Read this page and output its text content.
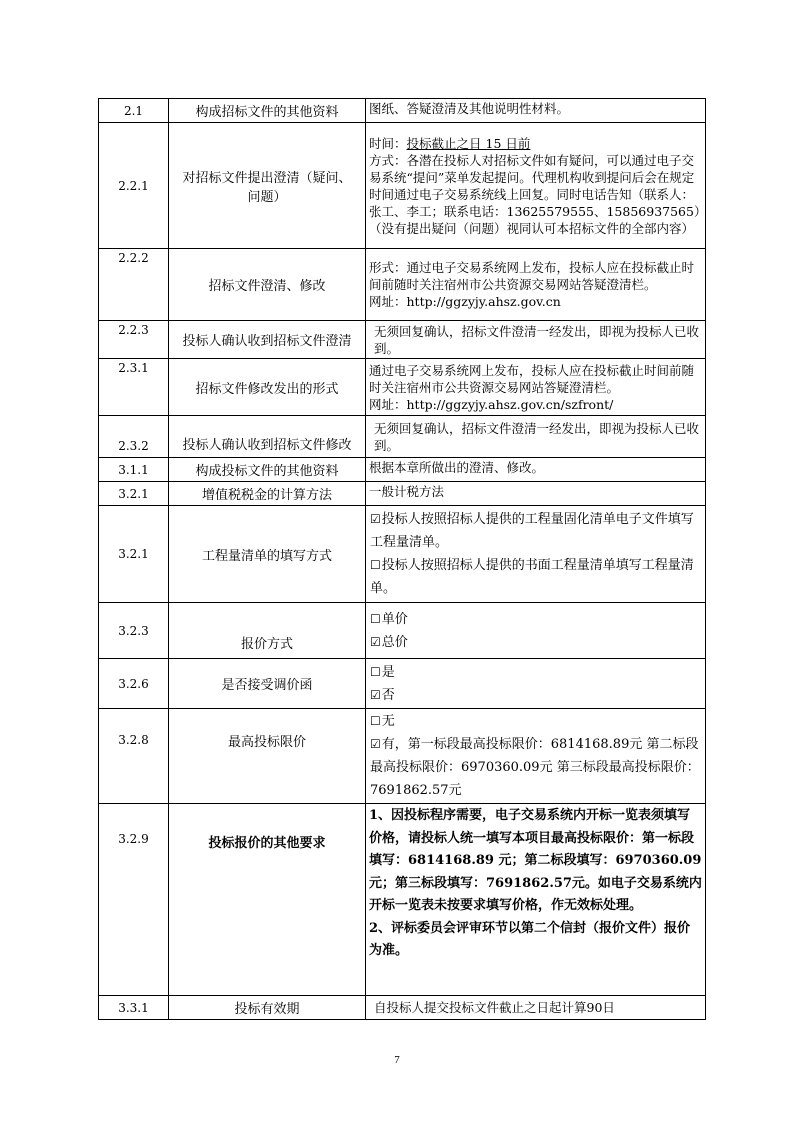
2.1	构成招标文件的其他资料	图纸、答疑澄清及其他说明性材料。

2.2.1	对招标文件提出澄清（疑问、问题）	时间：投标截止之日 15 日前
方式：各潜在投标人对招标文件如有疑问，可以通过电子交易系统“提问”菜单发起提问。代理机构收到提问后会在规定时间通过电子交易系统线上回复。同时电话告知（联系人：张工、李工；联系电话：13625579555、15856937565）（没有提出疑问（问题）视同认可本招标文件的全部内容）

2.2.2	招标文件澄清、修改	形式：通过电子交易系统网上发布，投标人应在投标截止时间前随时关注宿州市公共资源交易网站答疑澄清栏。
网址：http://ggzyjy.ahsz.gov.cn

2.2.3	投标人确认收到招标文件澄清	无须回复确认，招标文件澄清一经发出，即视为投标人已收到。

2.3.1	招标文件修改发出的形式	通过电子交易系统网上发布，投标人应在投标截止时间前随时关注宿州市公共资源交易网站答疑澄清栏。
网址：http://ggzyjy.ahsz.gov.cn/szfront/

2.3.2	投标人确认收到招标文件修改	无须回复确认，招标文件澄清一经发出，即视为投标人已收到。

3.1.1	构成投标文件的其他资料	根据本章所做出的澄清、修改。

3.2.1	增值税税金的计算方法	一般计税方法

3.2.1	工程量清单的填写方式	☑投标人按照招标人提供的工程量固化清单电子文件填写工程量清单。
☐投标人按照招标人提供的书面工程量清单填写工程量清单。

3.2.3	报价方式	☐单价
☑总价

3.2.6	是否接受调价函	☐是
☑否

3.2.8	最高投标限价	☐无
☑有，第一标段最高投标限价：6814168.89元 第二标段最高投标限价：6970360.09元 第三标段最高投标限价：7691862.57元

3.2.9	投标报价的其他要求	1、因投标程序需要，电子交易系统内开标一览表须填写价格，请投标人统一填写本项目最高投标限价：第一标段填写：6814168.89 元；第二标段填写：6970360.09元；第三标段填写：7691862.57元。如电子交易系统内开标一览表未按要求填写价格，作无效标处理。
2、评标委员会评审环节以第二个信封（报价文件）报价为准。

3.3.1	投标有效期	自投标人提交投标文件截止之日起计算90日
7
